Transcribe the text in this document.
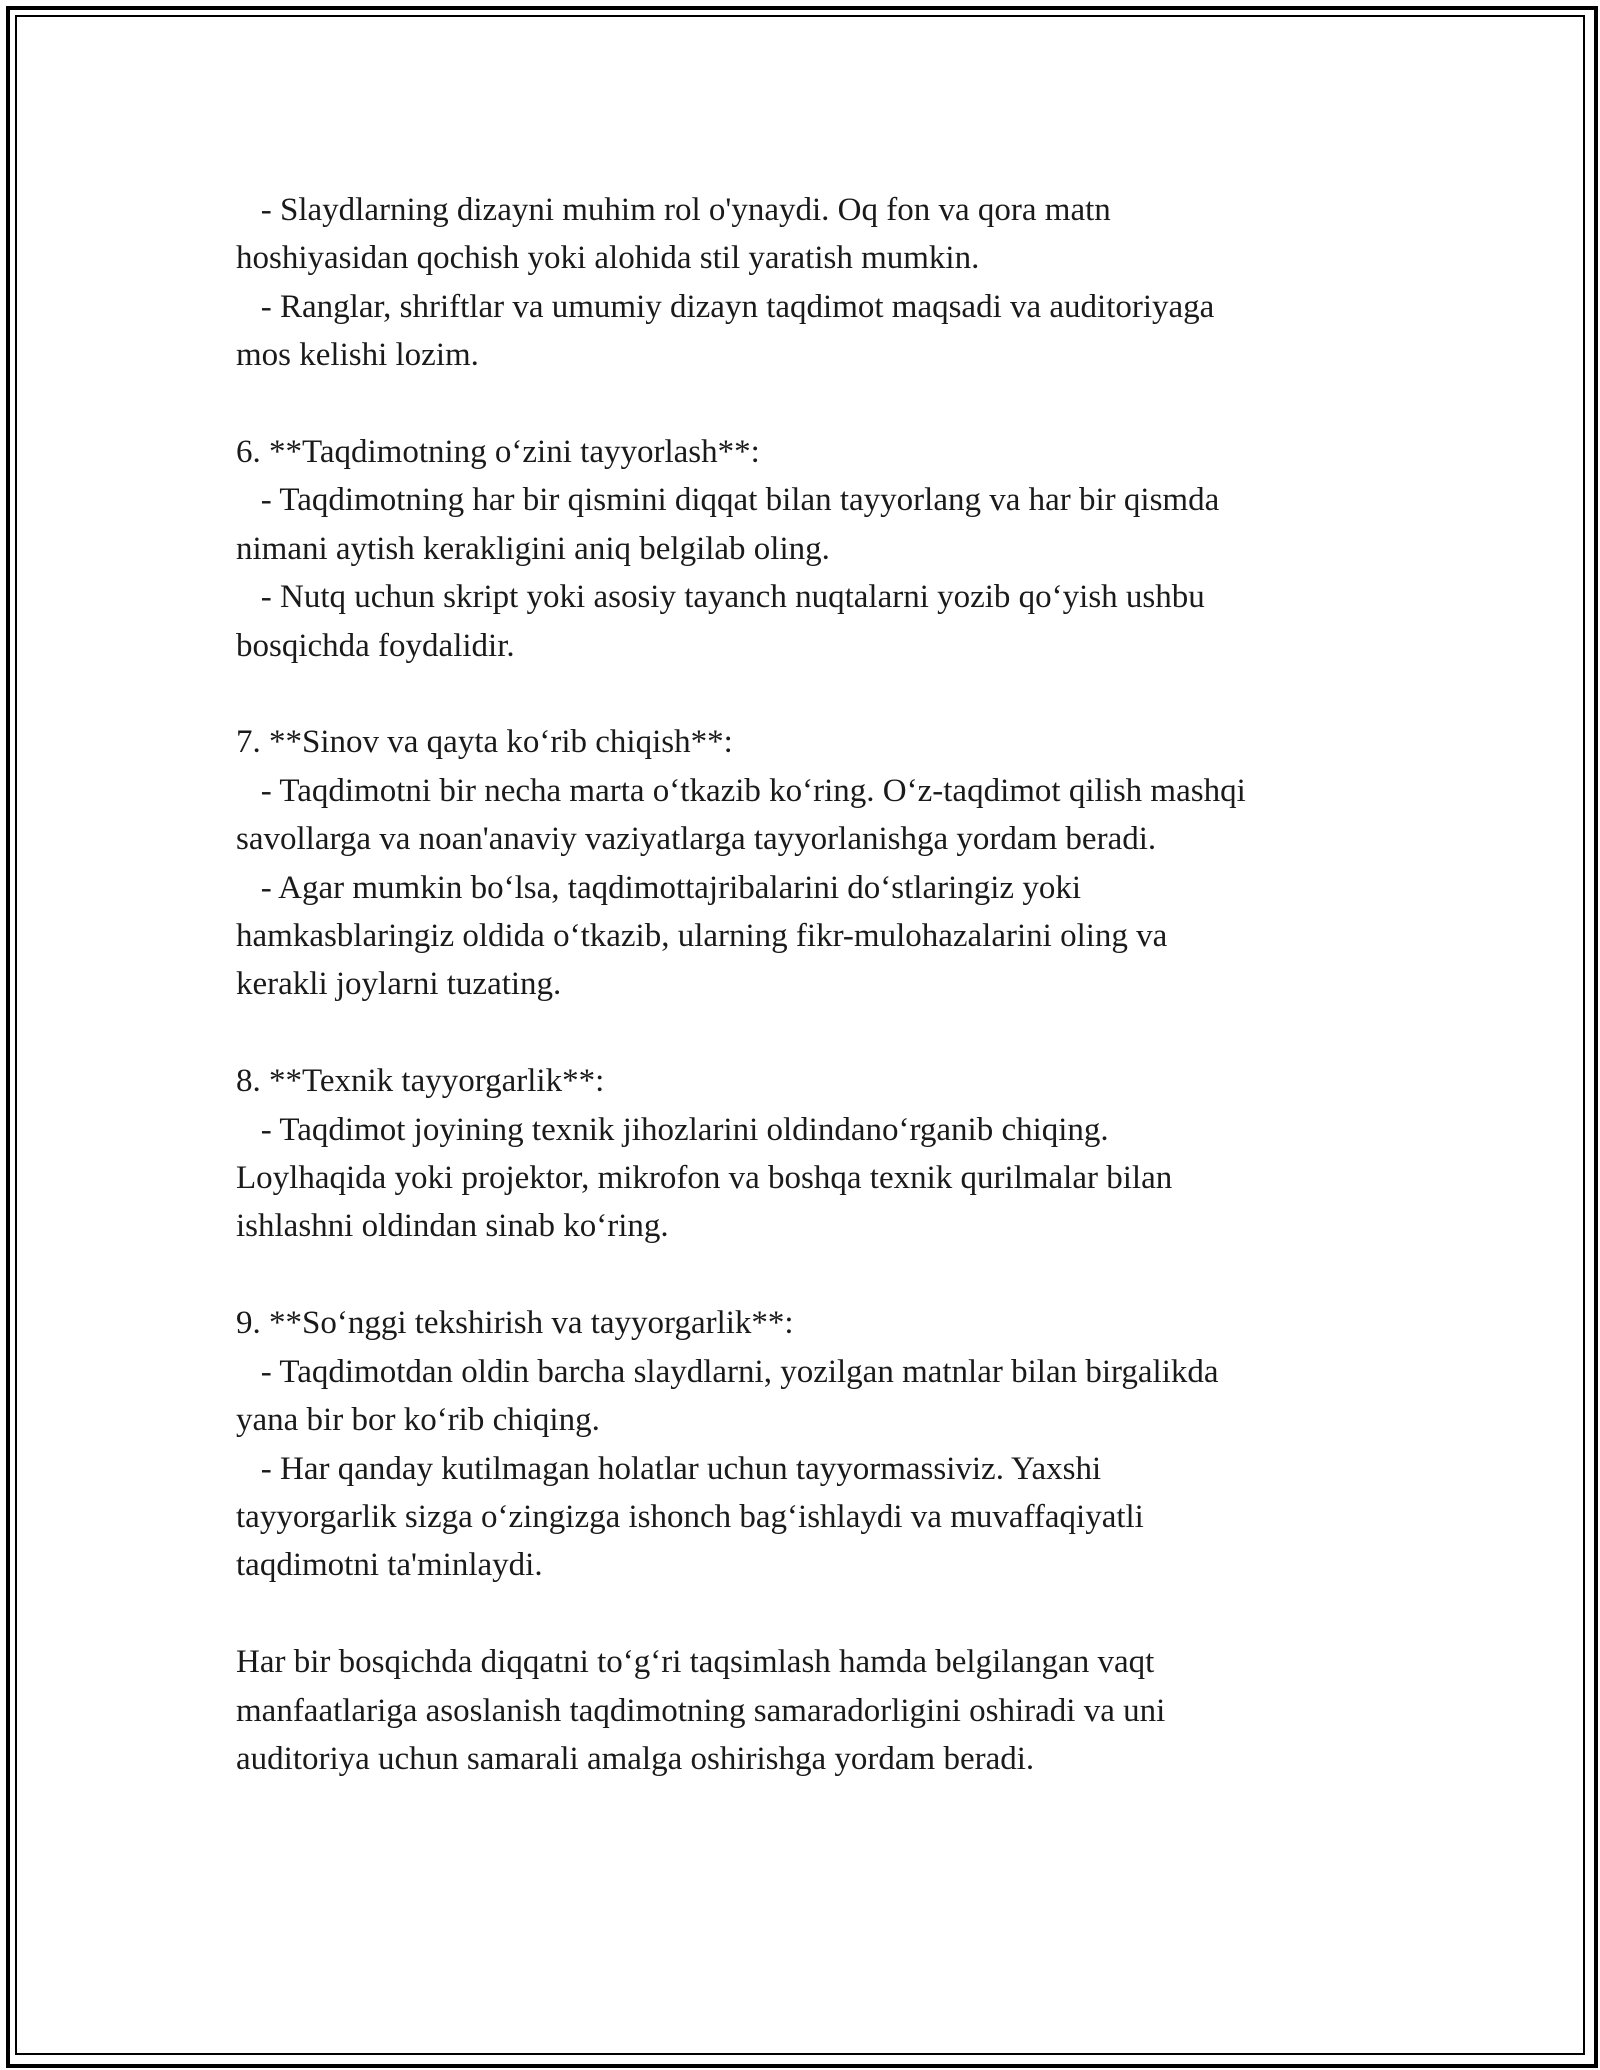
- Slaydlarning dizayni muhim rol o'ynaydi. Oq fon va qora matn
hoshiyasidan qochish yoki alohida stil yaratish mumkin.
- Ranglar, shriftlar va umumiy dizayn taqdimot maqsadi va auditoriyaga
mos kelishi lozim.
6. **Taqdimotning o‘zini tayyorlash**:
- Taqdimotning har bir qismini diqqat bilan tayyorlang va har bir qismda
nimani aytish kerakligini aniq belgilab oling.
- Nutq uchun skript yoki asosiy tayanch nuqtalarni yozib qo‘yish ushbu
bosqichda foydalidir.
7. **Sinov va qayta ko‘rib chiqish**:
- Taqdimotni bir necha marta o‘tkazib ko‘ring. O‘z-taqdimot qilish mashqi
savollarga va noan'anaviy vaziyatlarga tayyorlanishga yordam beradi.
- Agar mumkin bo‘lsa, taqdimottajribalarini do‘stlaringiz yoki
hamkasblaringiz oldida o‘tkazib, ularning fikr-mulohazalarini oling va
kerakli joylarni tuzating.
8. **Texnik tayyorgarlik**:
- Taqdimot joyining texnik jihozlarini oldindano‘rganib chiqing.
Loylhaqida yoki projektor, mikrofon va boshqa texnik qurilmalar bilan
ishlashni oldindan sinab ko‘ring.
9. **So‘nggi tekshirish va tayyorgarlik**:
- Taqdimotdan oldin barcha slaydlarni, yozilgan matnlar bilan birgalikda
yana bir bor ko‘rib chiqing.
- Har qanday kutilmagan holatlar uchun tayyormassiviz. Yaxshi
tayyorgarlik sizga o‘zingizga ishonch bag‘ishlaydi va muvaffaqiyatli
taqdimotni ta'minlaydi.
Har bir bosqichda diqqatni to‘g‘ri taqsimlash hamda belgilangan vaqt
manfaatlariga asoslanish taqdimotning samaradorligini oshiradi va uni
auditoriya uchun samarali amalga oshirishga yordam beradi.
